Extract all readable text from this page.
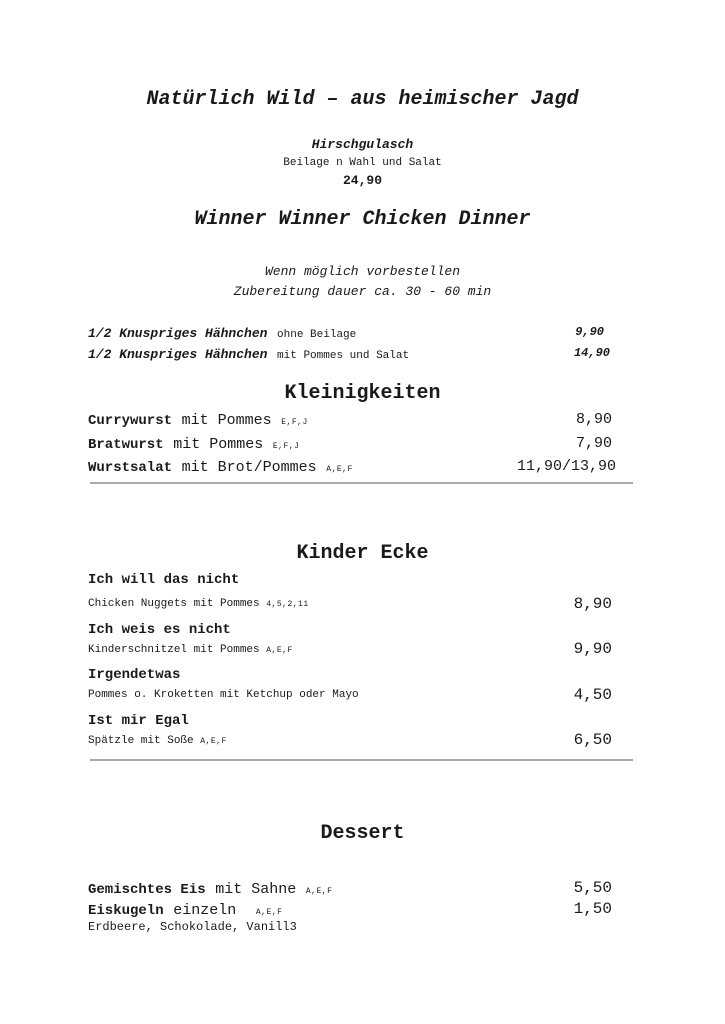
Natürlich Wild – aus heimischer Jagd
Hirschgulasch
Beilage n Wahl und Salat
24,90
Winner Winner Chicken Dinner
Wenn möglich vorbestellen
Zubereitung dauer ca. 30 - 60 min
1/2 Knuspriges Hähnchen ohne Beilage	9,90
1/2 Knuspriges Hähnchen mit Pommes und Salat	14,90
Kleinigkeiten
Currywurst mit Pommes E,F,J	8,90
Bratwurst mit Pommes E,F,J	7,90
Wurstsalat mit Brot/Pommes A,E,F	11,90/13,90
Kinder Ecke
Ich will das nicht
Chicken Nuggets mit Pommes 4,5,2,11	8,90
Ich weis es nicht
Kinderschnitzel mit Pommes A,E,F	9,90
Irgendetwas
Pommes o. Kroketten mit Ketchup oder Mayo	4,50
Ist mir Egal
Spätzle mit Soße A,E,F	6,50
Dessert
Gemischtes Eis mit Sahne A,E,F	5,50
Eiskugeln einzeln A,E,F	1,50
Erdbeere, Schokolade, Vanill3
